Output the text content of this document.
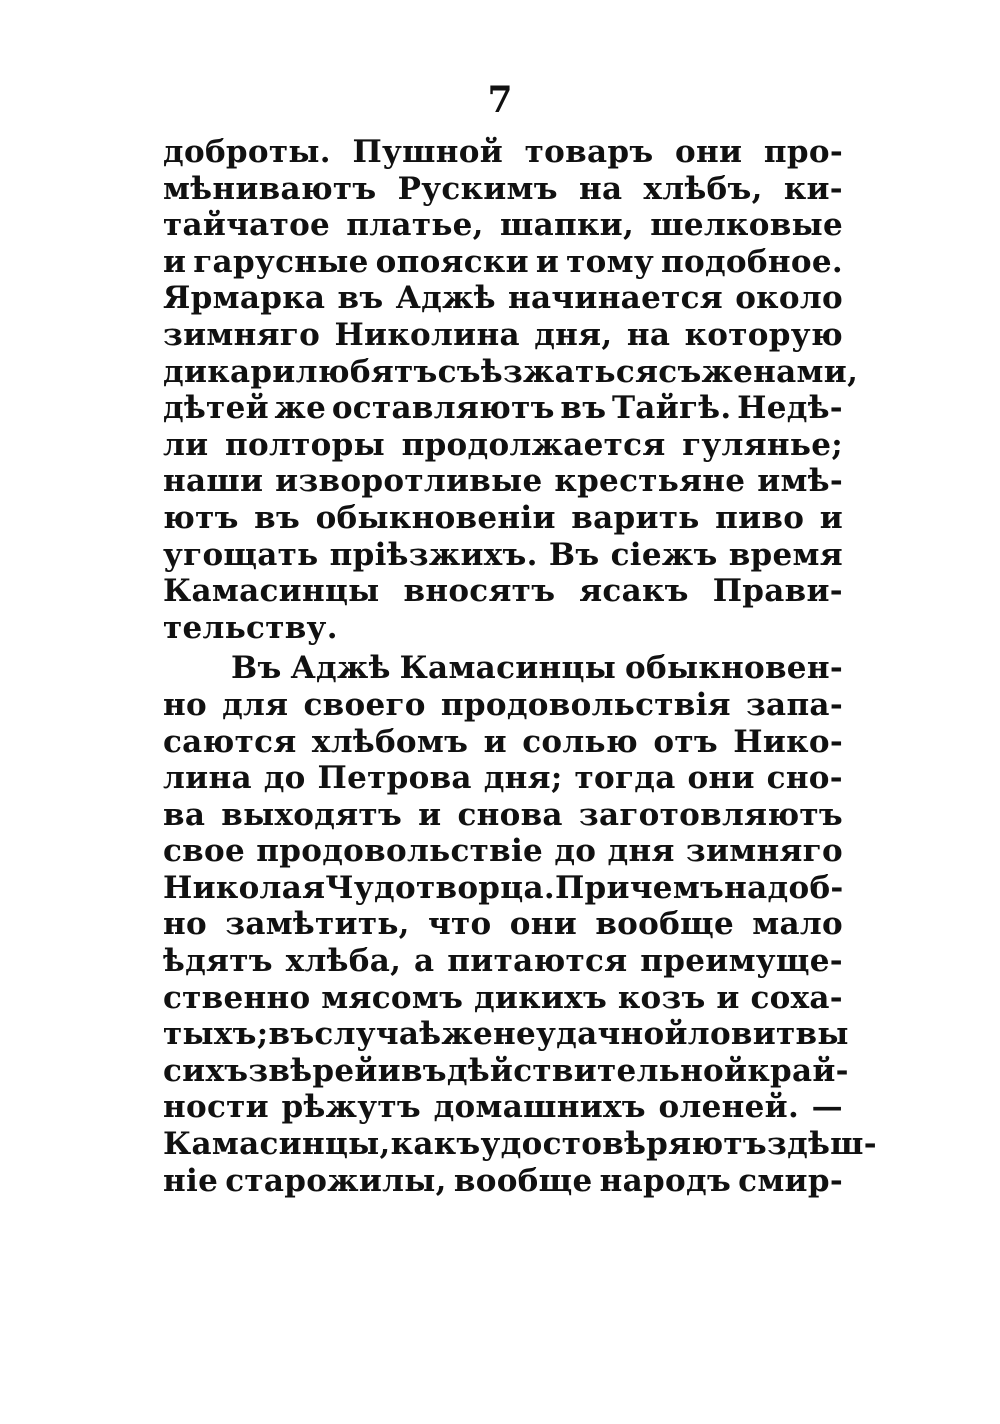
7
доброты. Пушной товаръ они про-
мѣниваютъ Рускимъ на хлѣбъ, ки-
тайчатое платье, шапки, шелковые
и гарусные опояски и тому подобное.
Ярмарка въ Аджѣ начинается около
зимняго Николина дня, на которую
дикари любятъ съѣзжаться съ женами,
дѣтей же оставляютъ въ Тайгѣ. Недѣ-
ли полторы продолжается гулянье;
наши изворотливые крестьяне имѣ-
ютъ въ обыкновеніи варить пиво и
угощать пріѣзжихъ. Въ сіежъ время
Камасинцы вносятъ ясакъ Прави-
тельству.
Въ Аджѣ Камасинцы обыкновен-
но для своего продовольствія запа-
саются хлѣбомъ и солью отъ Нико-
лина до Петрова дня; тогда они сно-
ва выходятъ и снова заготовляютъ
свое продовольствіе до дня зимняго
Николая Чудотворца. При чемъ надоб-
но замѣтить, что они вообще мало
ѣдятъ хлѣба, а питаются преимуще-
ственно мясомъ дикихъ козъ и соха-
тыхъ; въ случаѣ же неудачной ловитвы
сихъ звѣрей и въ дѣйствительной край-
ности рѣжутъ домашнихъ оленей. —
Камасинцы, какъ удостовѣряютъ здѣш-
ніе старожилы, вообще народъ смир-
